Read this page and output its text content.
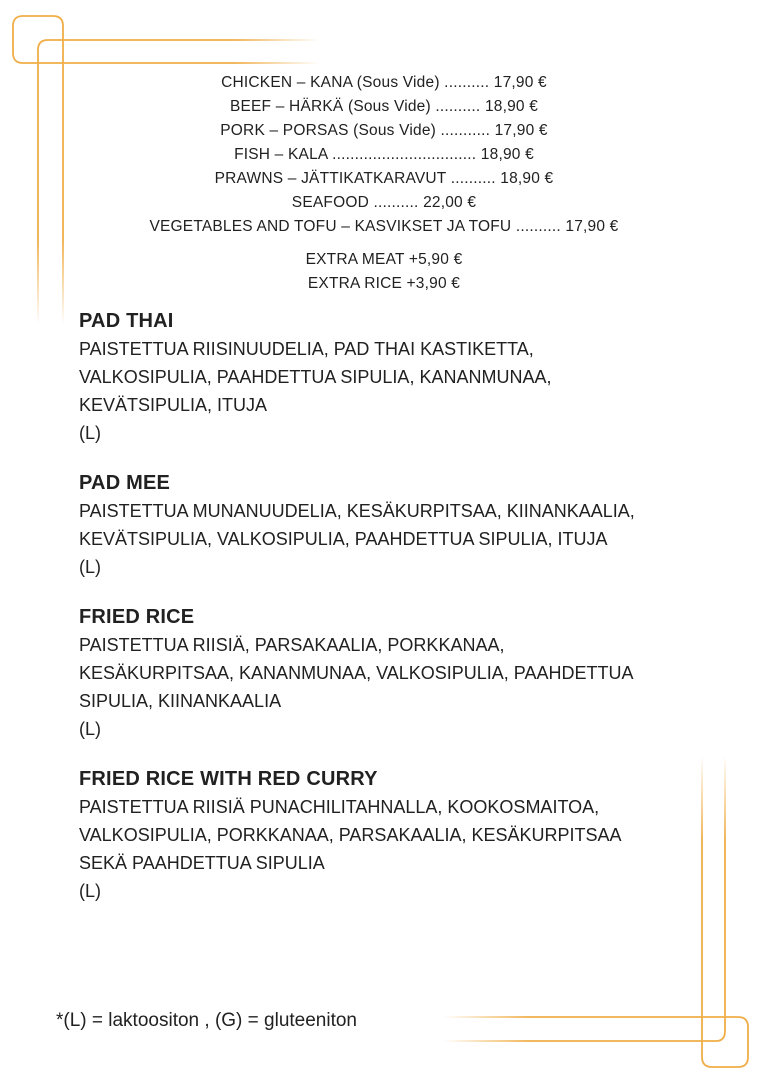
CHICKEN – KANA (Sous Vide) .......... 17,90 €
BEEF – HÄRKÄ (Sous Vide) .......... 18,90 €
PORK – PORSAS (Sous Vide) ........... 17,90 €
FISH – KALA ................................ 18,90 €
PRAWNS – JÄTTIKATKARAVUT .......... 18,90 €
SEAFOOD .......... 22,00 €
VEGETABLES AND TOFU – KASVIKSET JA TOFU .......... 17,90 €
EXTRA MEAT +5,90 €
EXTRA RICE +3,90 €
PAD THAI
PAISTETTUA RIISINUUDELIA, PAD THAI KASTIKETTA,
VALKOSIPULIA, PAAHDETTUA SIPULIA, KANANMUNAA,
KEVÄTSIPULIA, ITUJA
(L)
PAD MEE
PAISTETTUA MUNANUUDELIA, KESÄKURPITSAA, KIINANKAALIA,
KEVÄTSIPULIA, VALKOSIPULIA, PAAHDETTUA SIPULIA, ITUJA
(L)
FRIED RICE
PAISTETTUA RIISIÄ, PARSAKAALIA, PORKKANAA,
KESÄKURPITSAA, KANANMUNAA, VALKOSIPULIA, PAAHDETTUA
SIPULIA, KIINANKAALIA
(L)
FRIED RICE WITH RED CURRY
PAISTETTUA RIISIÄ PUNACHILITAHNALLA, KOOKOSMAITOA,
VALKOSIPULIA, PORKKANAA, PARSAKAALIA, KESÄKURPITSAA
SEKÄ PAAHDETTUA SIPULIA
(L)
*(L) = laktoositon , (G) = gluteeniton
